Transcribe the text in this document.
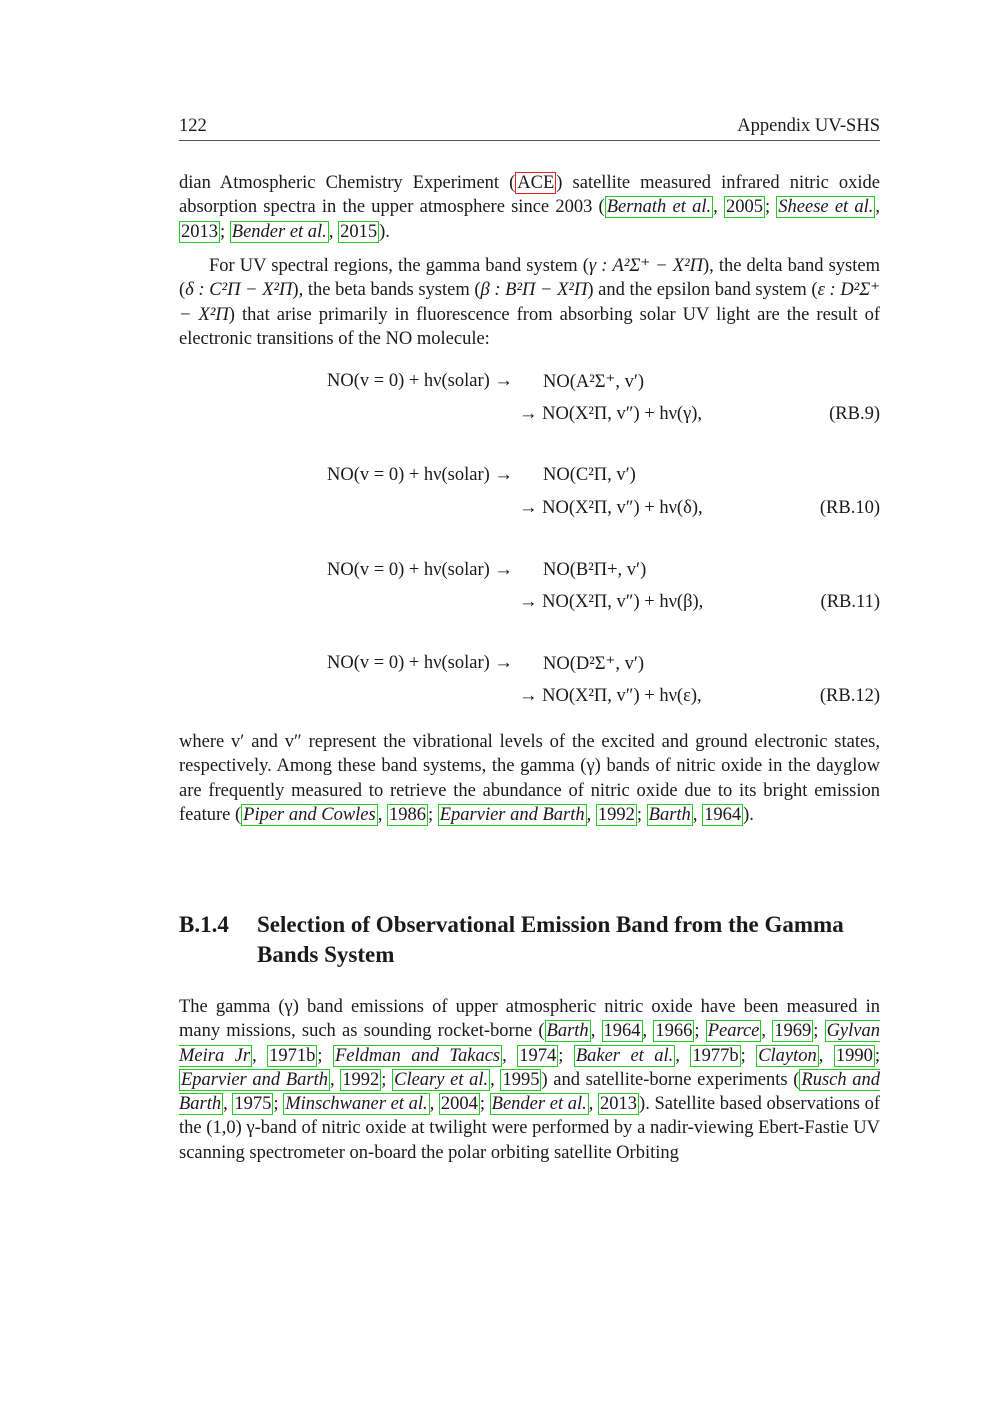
122	Appendix UV-SHS

dian Atmospheric Chemistry Experiment ( ACE ) satellite measured infrared nitric oxide absorption spectra in the upper atmosphere since 2003 ( Bernath et al. , 2005 ; Sheese et al. , 2013 ; Bender et al. , 2015 ).

For UV spectral regions, the gamma band system (γ : A²Σ⁺ − X²Π), the delta band system (δ : C²Π − X²Π), the beta bands system (β : B²Π − X²Π) and the epsilon band system (ε : D²Σ⁺ − X²Π) that arise primarily in fluorescence from absorbing solar UV light are the result of electronic transitions of the NO molecule:

NO(v = 0) + hν(solar) → NO(A²Σ⁺, v′)
→ NO(X²Π, v″) + hν(γ),	(RB.9)
NO(v = 0) + hν(solar) → NO(C²Π, v′)
→ NO(X²Π, v″) + hν(δ),	(RB.10)
NO(v = 0) + hν(solar) → NO(B²Π+, v′)
→ NO(X²Π, v″) + hν(β),	(RB.11)
NO(v = 0) + hν(solar) → NO(D²Σ⁺, v′)
→ NO(X²Π, v″) + hν(ε),	(RB.12)

where v′ and v″ represent the vibrational levels of the excited and ground electronic states, respectively. Among these band systems, the gamma (γ) bands of nitric oxide in the dayglow are frequently measured to retrieve the abundance of nitric oxide due to its bright emission feature ( Piper and Cowles , 1986 ; Eparvier and Barth , 1992 ; Barth , 1964 ).

B.1.4 Selection of Observational Emission Band from the Gamma Bands System

The gamma (γ) band emissions of upper atmospheric nitric oxide have been measured in many missions, such as sounding rocket-borne ( Barth , 1964 , 1966 ; Pearce , 1969 ; Gylvan Meira Jr , 1971b ; Feldman and Takacs , 1974 ; Baker et al. , 1977b ; Clayton , 1990 ; Eparvier and Barth , 1992 ; Cleary et al. , 1995 ) and satellite-borne experiments ( Rusch and Barth , 1975 ; Minschwaner et al. , 2004 ; Bender et al. , 2013 ). Satellite based observations of the (1,0) γ-band of nitric oxide at twilight were performed by a nadir-viewing Ebert-Fastie UV scanning spectrometer on-board the polar orbiting satellite Orbiting
